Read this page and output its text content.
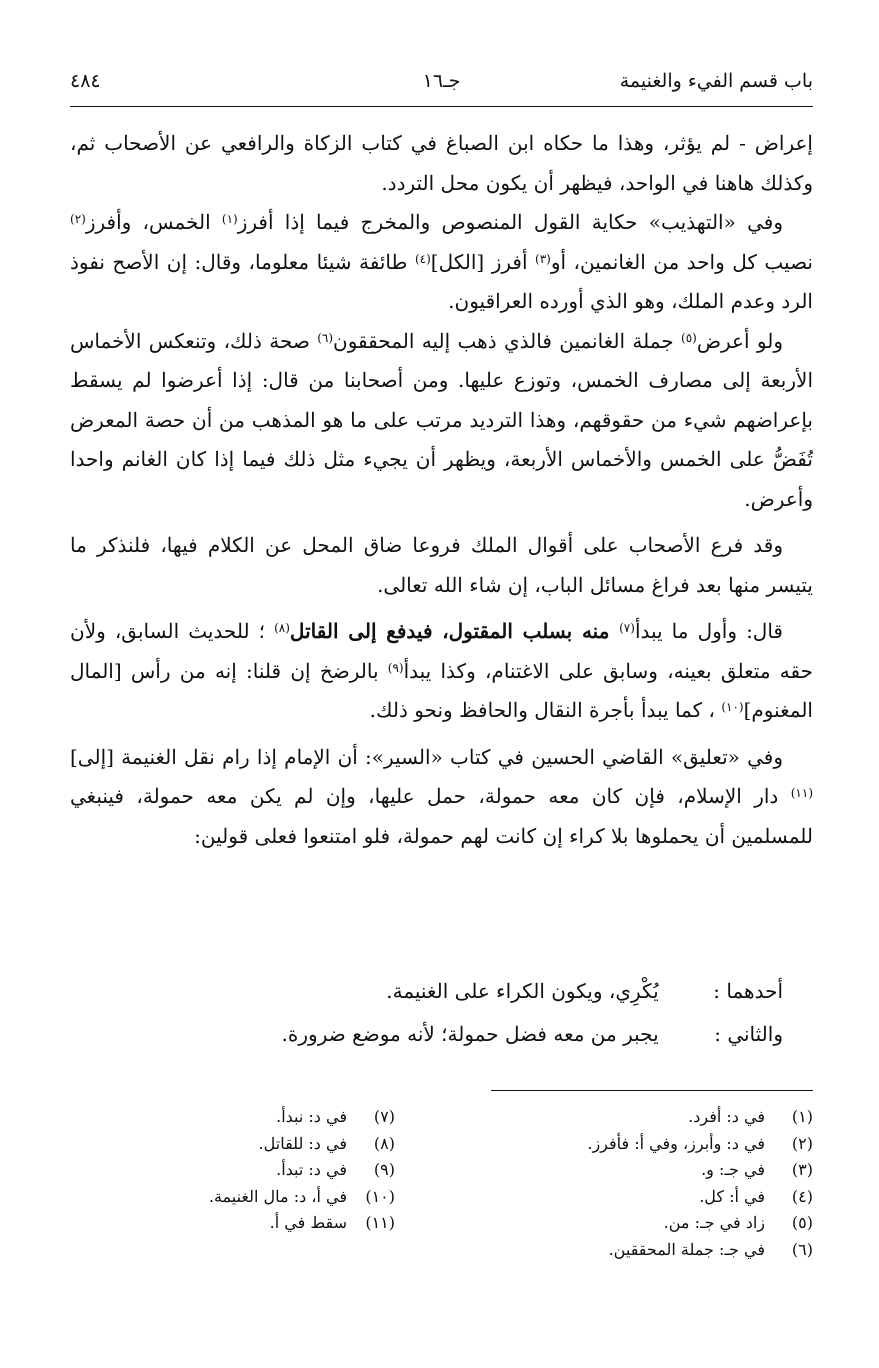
باب قسم الفيء والغنيمة
جـ١٦
٤٨٤

إعراض - لم يؤثر، وهذا ما حكاه ابن الصباغ في كتاب الزكاة والرافعي عن الأصحاب ثم، وكذلك هاهنا في الواحد، فيظهر أن يكون محل التردد.

وفي «التهذيب» حكاية القول المنصوص والمخرج فيما إذا أفرز$^{(١)}$ الخمس، وأفرز$^{(٢)}$ نصيب كل واحد من الغانمين، أو$^{(٣)}$ أفرز [الكل]$^{(٤)}$ طائفة شيئا معلوما، وقال: إن الأصح نفوذ الرد وعدم الملك، وهو الذي أورده العراقيون.

ولو أعرض$^{(٥)}$ جملة الغانمين فالذي ذهب إليه المحققون$^{(٦)}$ صحة ذلك، وتنعكس الأخماس الأربعة إلى مصارف الخمس، وتوزع عليها. ومن أصحابنا من قال: إذا أعرضوا لم يسقط بإعراضهم شيء من حقوقهم، وهذا الترديد مرتب على ما هو المذهب من أن حصة المعرض تُفَضُّ على الخمس والأخماس الأربعة، ويظهر أن يجيء مثل ذلك فيما إذا كان الغانم واحدا وأعرض.

وقد فرع الأصحاب على أقوال الملك فروعا ضاق المحل عن الكلام فيها، فلنذكر ما يتيسر منها بعد فراغ مسائل الباب، إن شاء الله تعالى.

قال: وأول ما يبدأ$^{(٧)}$ منه بسلب المقتول، فيدفع إلى القاتل$^{(٨)}$ ؛ للحديث السابق، ولأن حقه متعلق بعينه، وسابق على الاغتنام، وكذا يبدأ$^{(٩)}$ بالرضخ إن قلنا: إنه من رأس [المال المغنوم]$^{(١٠)}$ ، كما يبدأ بأجرة النقال والحافظ ونحو ذلك.

وفي «تعليق» القاضي الحسين في كتاب «السير»: أن الإمام إذا رام نقل الغنيمة [إلى]$^{(١١)}$ دار الإسلام، فإن كان معه حمولة، حمل عليها، وإن لم يكن معه حمولة، فينبغي للمسلمين أن يحملوها بلا كراء إن كانت لهم حمولة، فلو امتنعوا فعلى قولين:

أحدهما : يُكْرِي، ويكون الكراء على الغنيمة.
والثاني : يجبر من معه فضل حمولة؛ لأنه موضع ضرورة.
(١)في د: أفرد.
(٢)في د: وأبرز، وفي أ: فأفرز.
(٣)في جـ: و.
(٤)في أ: كل.
(٥)زاد في جـ: من.
(٦)في جـ: جملة المحققين.
(٧)في د: نبدأ.
(٨)في د: للقاتل.
(٩)في د: تبدأ.
(١٠)في أ، د: مال الغنيمة.
(١١)سقط في أ.
